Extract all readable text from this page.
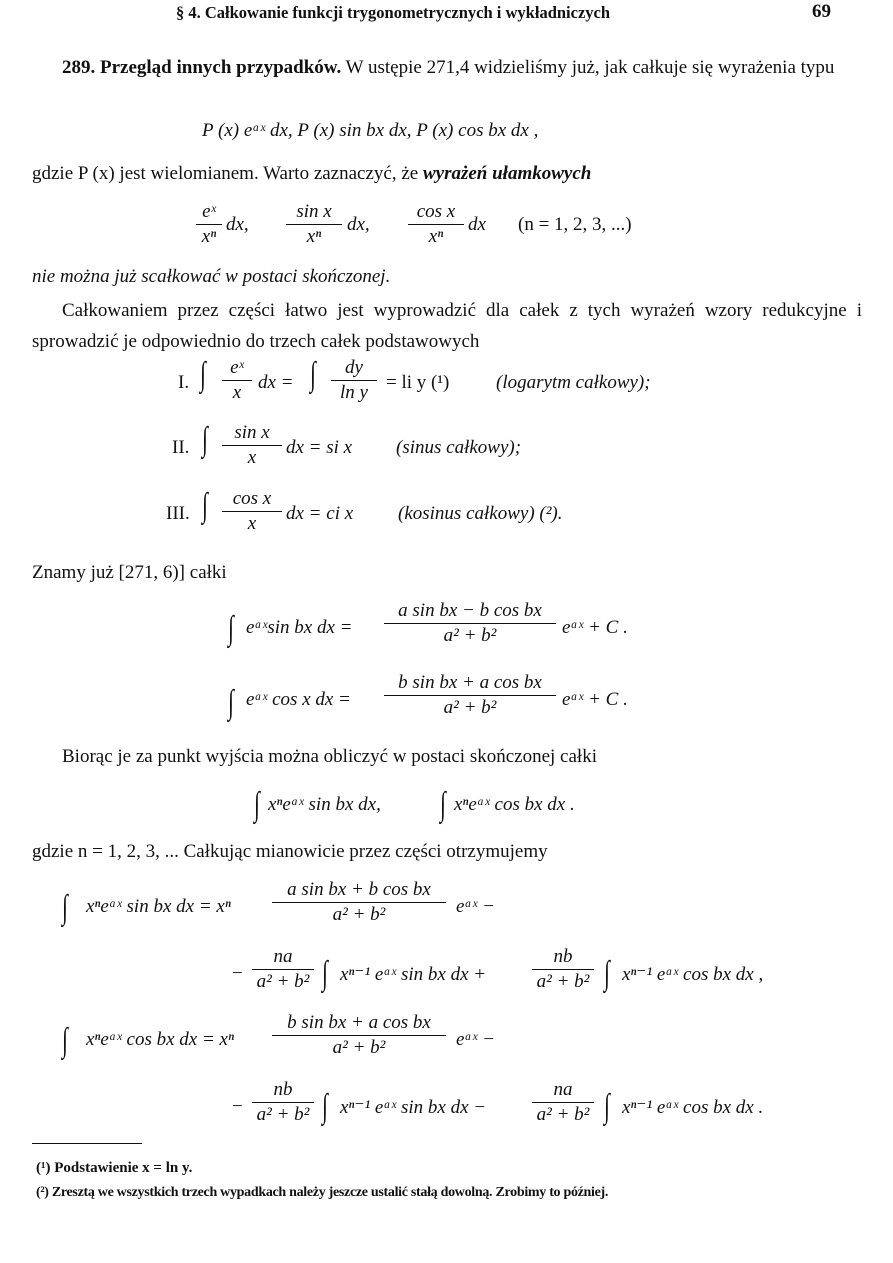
§ 4. Całkowanie funkcji trygonometrycznych i wykładniczych	69
289. Przegląd innych przypadków. W ustępie 271,4 widzieliśmy już, jak całkuje się wyrażenia typu
P (x) eᵃˣ dx, P (x) sin bx dx, P (x) cos bx dx ,
gdzie P (x) jest wielomianem. Warto zaznaczyć, że wyrażeń ułamkowych
eˣ
xⁿ
dx,
sin x
xⁿ
dx,
cos x
xⁿ
dx (n = 1, 2, 3, ...)
nie można już scałkować w postaci skończonej.
Całkowaniem przez części łatwo jest wyprowadzić dla całek z tych wyrażeń wzory redukcyjne i sprowadzić je odpowiednio do trzech całek podstawowych
I. ∫	eˣ
x dx = ∫	dy
ln y = li y (¹) (logarytm całkowy);
II. ∫	sin x
x	dx = si x (sinus całkowy);
III. ∫	cos x
x	dx = ci x (kosinus całkowy) (²).
Znamy już [271, 6)] całki
∫ eᵃˣsin bx dx =
a sin bx − b cos bx
a² + b²	eᵃˣ + C .
∫ eᵃˣ cos x dx =
b sin bx + a cos bx
a² + b²	eᵃˣ + C .
Biorąc je za punkt wyjścia można obliczyć w postaci skończonej całki
∫ xⁿeᵃˣ sin bx dx, ∫ xⁿeᵃˣ cos bx dx .
gdzie n = 1, 2, 3, ... Całkując mianowicie przez części otrzymujemy
∫ xⁿeᵃˣ sin bx dx = xⁿ
a sin bx + b cos bx
a² + b²	eᵃˣ −
−
na
a² + b² ∫ xⁿ⁻¹ eᵃˣ sin bx dx +
nb
a² + b² ∫ xⁿ⁻¹ eᵃˣ cos bx dx ,
∫ xⁿeᵃˣ cos bx dx = xⁿ
b sin bx + a cos bx
a² + b²	eᵃˣ −
−
nb
a² + b² ∫ xⁿ⁻¹ eᵃˣ sin bx dx −
na
a² + b² ∫ xⁿ⁻¹ eᵃˣ cos bx dx .
(¹) Podstawienie x = ln y.
(²) Zresztą we wszystkich trzech wypadkach należy jeszcze ustalić stałą dowolną. Zrobimy to później.
